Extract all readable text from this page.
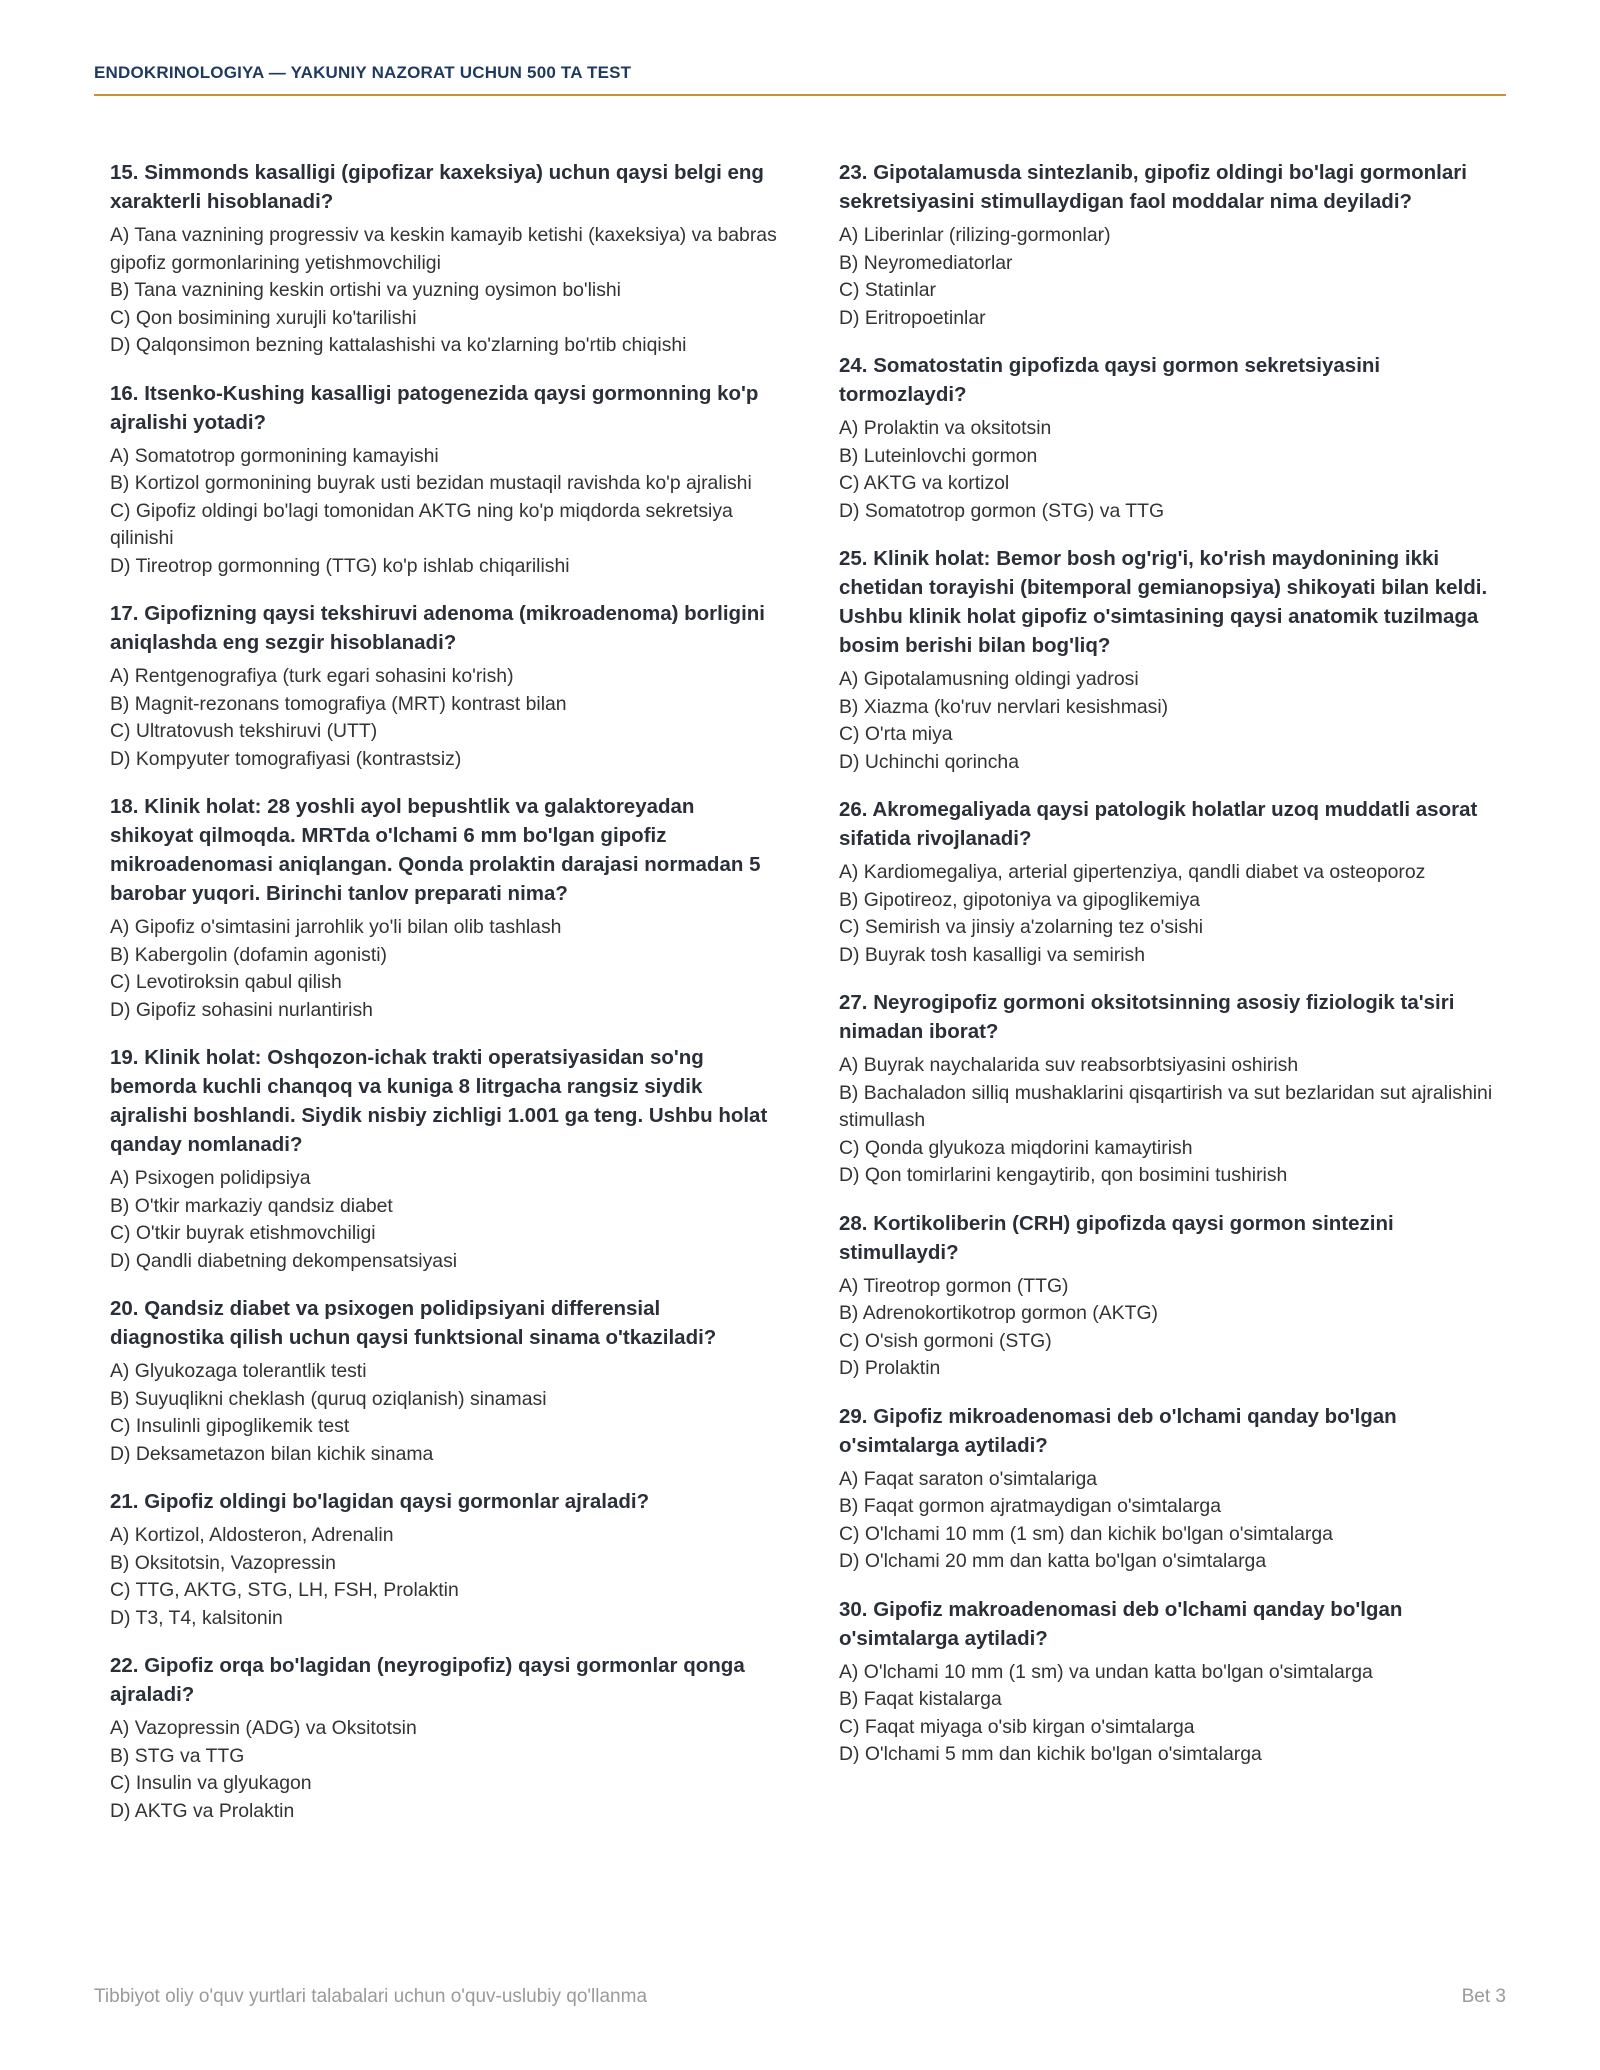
ENDOKRINOLOGIYA — YAKUNIY NAZORAT UCHUN 500 TA TEST

15. Simmonds kasalligi (gipofizar kaxeksiya) uchun qaysi belgi eng xarakterli hisoblanadi?

A) Tana vaznining progressiv va keskin kamayib ketishi (kaxeksiya) va babras gipofiz gormonlarining yetishmovchiligi
B) Tana vaznining keskin ortishi va yuzning oysimon bo'lishi
C) Qon bosimining xurujli ko'tarilishi
D) Qalqonsimon bezning kattalashishi va ko'zlarning bo'rtib chiqishi

16. Itsenko-Kushing kasalligi patogenezida qaysi gormonning ko'p ajralishi yotadi?

A) Somatotrop gormonining kamayishi
B) Kortizol gormonining buyrak usti bezidan mustaqil ravishda ko'p ajralishi
C) Gipofiz oldingi bo'lagi tomonidan AKTG ning ko'p miqdorda sekretsiya qilinishi
D) Tireotrop gormonning (TTG) ko'p ishlab chiqarilishi

17. Gipofizning qaysi tekshiruvi adenoma (mikroadenoma) borligini aniqlashda eng sezgir hisoblanadi?

A) Rentgenografiya (turk egari sohasini ko'rish)
B) Magnit-rezonans tomografiya (MRT) kontrast bilan
C) Ultratovush tekshiruvi (UTT)
D) Kompyuter tomografiyasi (kontrastsiz)

18. Klinik holat: 28 yoshli ayol bepushtlik va galaktoreyadan shikoyat qilmoqda. MRTda o'lchami 6 mm bo'lgan gipofiz mikroadenomasi aniqlangan. Qonda prolaktin darajasi normadan 5 barobar yuqori. Birinchi tanlov preparati nima?

A) Gipofiz o'simtasini jarrohlik yo'li bilan olib tashlash
B) Kabergolin (dofamin agonisti)
C) Levotiroksin qabul qilish
D) Gipofiz sohasini nurlantirish

19. Klinik holat: Oshqozon-ichak trakti operatsiyasidan so'ng bemorda kuchli chanqoq va kuniga 8 litrgacha rangsiz siydik ajralishi boshlandi. Siydik nisbiy zichligi 1.001 ga teng. Ushbu holat qanday nomlanadi?

A) Psixogen polidipsiya
B) O'tkir markaziy qandsiz diabet
C) O'tkir buyrak etishmovchiligi
D) Qandli diabetning dekompensatsiyasi

20. Qandsiz diabet va psixogen polidipsiyani differensial diagnostika qilish uchun qaysi funktsional sinama o'tkaziladi?

A) Glyukozaga tolerantlik testi
B) Suyuqlikni cheklash (quruq oziqlanish) sinamasi
C) Insulinli gipoglikemik test
D) Deksametazon bilan kichik sinama

21. Gipofiz oldingi bo'lagidan qaysi gormonlar ajraladi?

A) Kortizol, Aldosteron, Adrenalin
B) Oksitotsin, Vazopressin
C) TTG, AKTG, STG, LH, FSH, Prolaktin
D) T3, T4, kalsitonin

22. Gipofiz orqa bo'lagidan (neyrogipofiz) qaysi gormonlar qonga ajraladi?

A) Vazopressin (ADG) va Oksitotsin
B) STG va TTG
C) Insulin va glyukagon
D) AKTG va Prolaktin

23. Gipotalamusda sintezlanib, gipofiz oldingi bo'lagi gormonlari sekretsiyasini stimullaydigan faol moddalar nima deyiladi?

A) Liberinlar (rilizing-gormonlar)
B) Neyromediatorlar
C) Statinlar
D) Eritropoetinlar

24. Somatostatin gipofizda qaysi gormon sekretsiyasini tormozlaydi?

A) Prolaktin va oksitotsin
B) Luteinlovchi gormon
C) AKTG va kortizol
D) Somatotrop gormon (STG) va TTG

25. Klinik holat: Bemor bosh og'rig'i, ko'rish maydonining ikki chetidan torayishi (bitemporal gemianopsiya) shikoyati bilan keldi. Ushbu klinik holat gipofiz o'simtasining qaysi anatomik tuzilmaga bosim berishi bilan bog'liq?

A) Gipotalamusning oldingi yadrosi
B) Xiazma (ko'ruv nervlari kesishmasi)
C) O'rta miya
D) Uchinchi qorincha

26. Akromegaliyada qaysi patologik holatlar uzoq muddatli asorat sifatida rivojlanadi?

A) Kardiomegaliya, arterial gipertenziya, qandli diabet va osteoporoz
B) Gipotireoz, gipotoniya va gipoglikemiya
C) Semirish va jinsiy a'zolarning tez o'sishi
D) Buyrak tosh kasalligi va semirish

27. Neyrogipofiz gormoni oksitotsinning asosiy fiziologik ta'siri nimadan iborat?

A) Buyrak naychalarida suv reabsorbtsiyasini oshirish
B) Bachaladon silliq mushaklarini qisqartirish va sut bezlaridan sut ajralishini stimullash
C) Qonda glyukoza miqdorini kamaytirish
D) Qon tomirlarini kengaytirib, qon bosimini tushirish

28. Kortikoliberin (CRH) gipofizda qaysi gormon sintezini stimullaydi?

A) Tireotrop gormon (TTG)
B) Adrenokortikotrop gormon (AKTG)
C) O'sish gormoni (STG)
D) Prolaktin

29. Gipofiz mikroadenomasi deb o'lchami qanday bo'lgan o'simtalarga aytiladi?

A) Faqat saraton o'simtalariga
B) Faqat gormon ajratmaydigan o'simtalarga
C) O'lchami 10 mm (1 sm) dan kichik bo'lgan o'simtalarga
D) O'lchami 20 mm dan katta bo'lgan o'simtalarga

30. Gipofiz makroadenomasi deb o'lchami qanday bo'lgan o'simtalarga aytiladi?

A) O'lchami 10 mm (1 sm) va undan katta bo'lgan o'simtalarga
B) Faqat kistalarga
C) Faqat miyaga o'sib kirgan o'simtalarga
D) O'lchami 5 mm dan kichik bo'lgan o'simtalarga
Tibbiyot oliy o'quv yurtlari talabalari uchun o'quv-uslubiy qo'llanma	Bet 3
